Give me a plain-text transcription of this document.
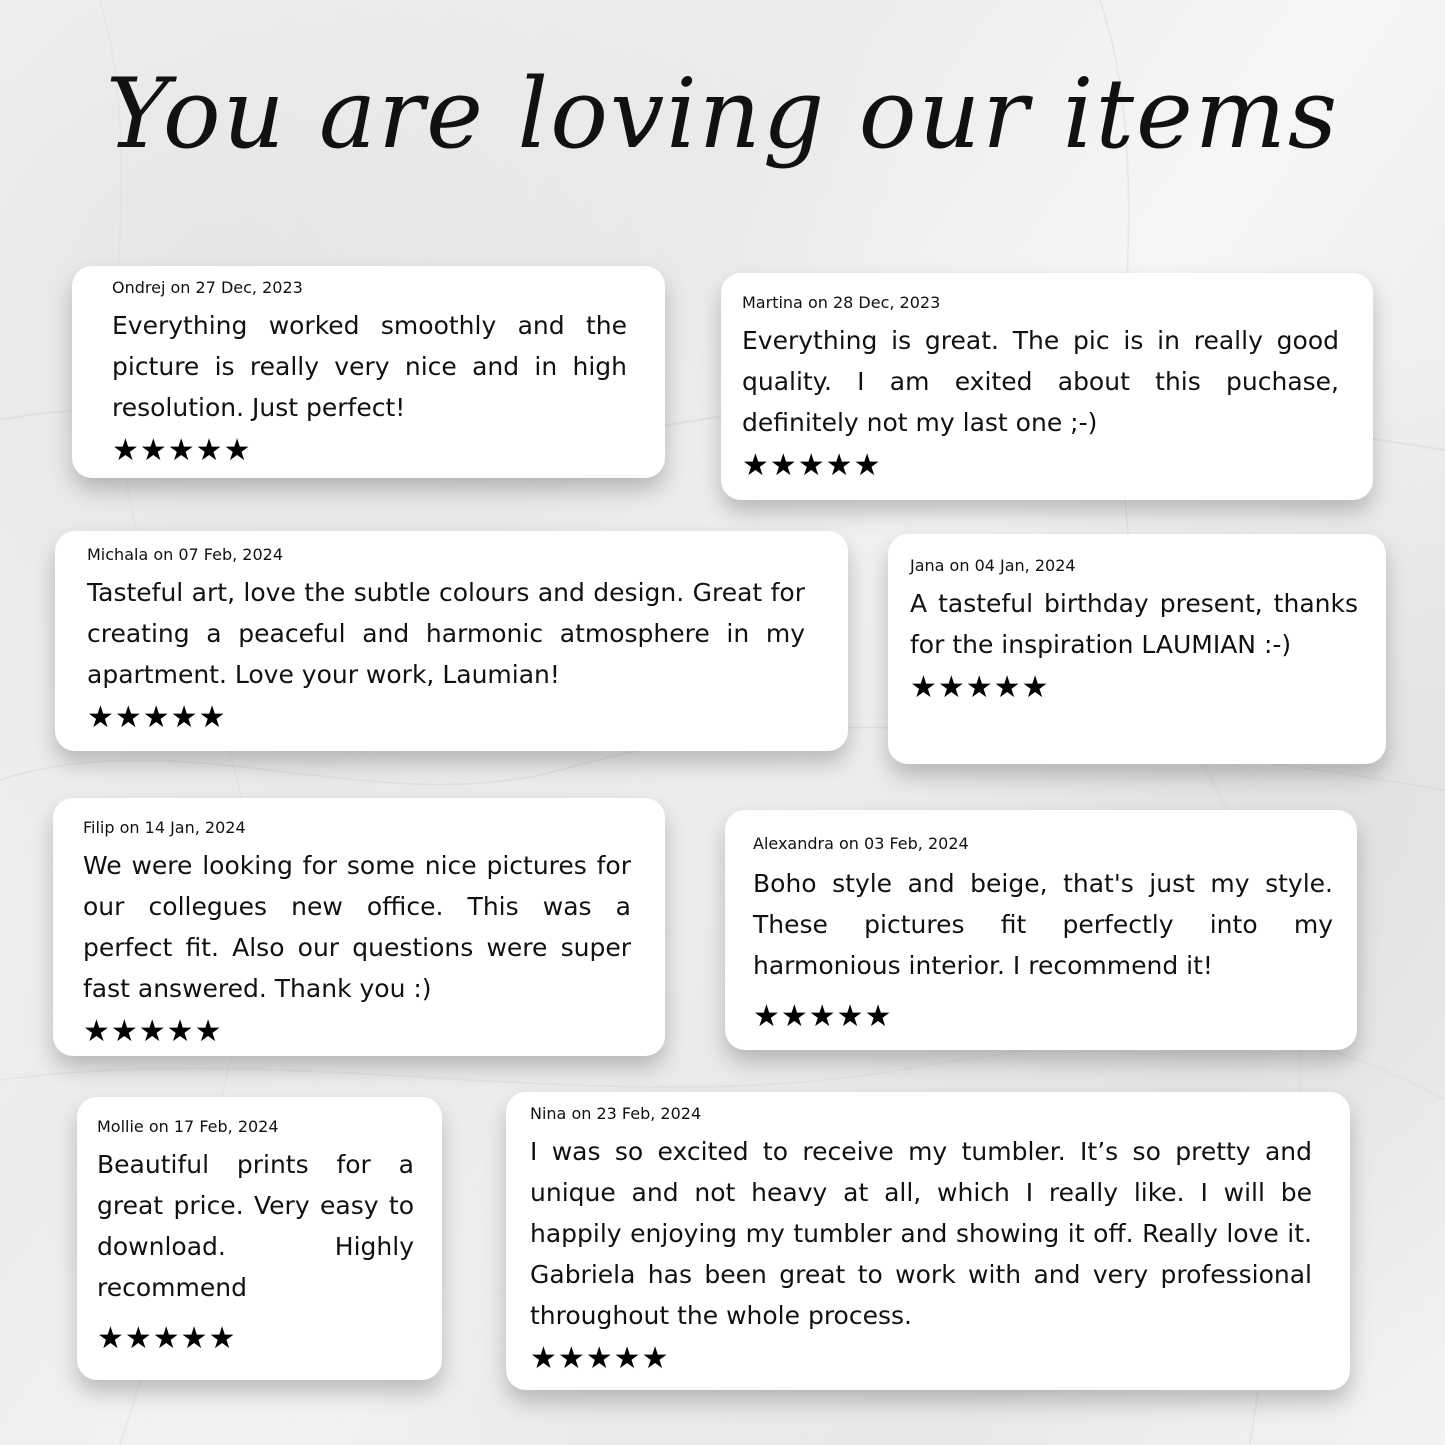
You are loving our items
Ondrej on 27 Dec, 2023

Everything worked smoothly and the picture is really very nice and in high resolution. Just perfect!

★★★★★
Martina on 28 Dec, 2023

Everything is great. The pic is in really good quality. I am exited about this puchase, definitely not my last one ;-)

★★★★★
Michala on 07 Feb, 2024

Tasteful art, love the subtle colours and design. Great for creating a peaceful and harmonic atmosphere in my apartment. Love your work, Laumian!

★★★★★
Jana on 04 Jan, 2024

A tasteful birthday present, thanks for the inspiration LAUMIAN :-)

★★★★★
Filip on 14 Jan, 2024

We were looking for some nice pictures for our collegues new office. This was a perfect fit. Also our questions were super fast answered. Thank you :)

★★★★★
Alexandra on 03 Feb, 2024

Boho style and beige, that's just my style. These pictures fit perfectly into my harmonious interior. I recommend it!

★★★★★
Mollie on 17 Feb, 2024

Beautiful prints for a great price. Very easy to download. Highly recommend

★★★★★
Nina on 23 Feb, 2024

I was so excited to receive my tumbler. It’s so pretty and unique and not heavy at all, which I really like. I will be happily enjoying my tumbler and showing it off. Really love it. Gabriela has been great to work with and very professional throughout the whole process.

★★★★★
